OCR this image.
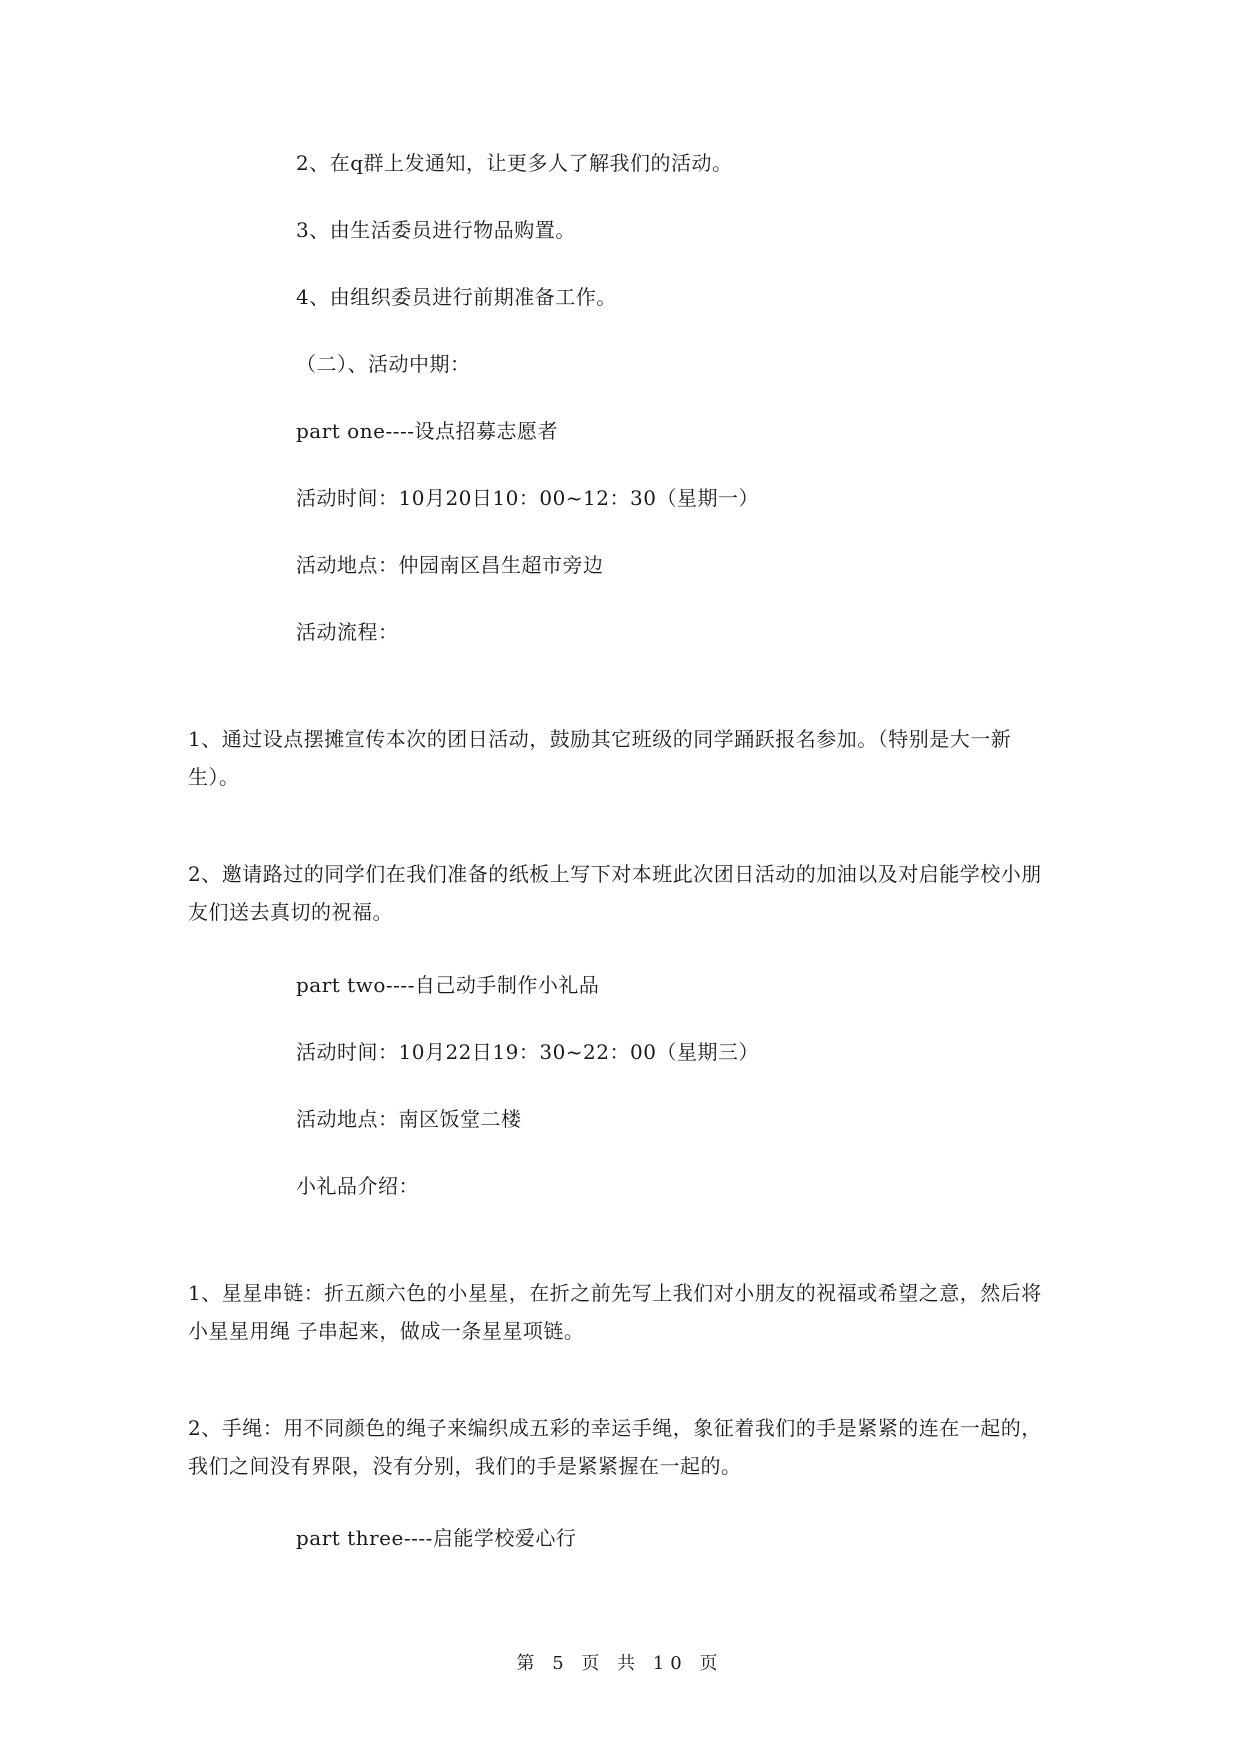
2、在q群上发通知，让更多人了解我们的活动。
3、由生活委员进行物品购置。
4、由组织委员进行前期准备工作。
（二）、活动中期：
part one----设点招募志愿者
活动时间：10月20日10：00~12：30（星期一）
活动地点：仲园南区昌生超市旁边
活动流程：
1、通过设点摆摊宣传本次的团日活动，鼓励其它班级的同学踊跃报名参加。（特别是大一新生）。
2、邀请路过的同学们在我们准备的纸板上写下对本班此次团日活动的加油以及对启能学校小朋友们送去真切的祝福。
part two----自己动手制作小礼品
活动时间：10月22日19：30~22：00（星期三）
活动地点：南区饭堂二楼
小礼品介绍：
1、星星串链：折五颜六色的小星星，在折之前先写上我们对小朋友的祝福或希望之意，然后将小星星用绳 子串起来，做成一条星星项链。
2、手绳：用不同颜色的绳子来编织成五彩的幸运手绳，象征着我们的手是紧紧的连在一起的，我们之间没有界限，没有分别，我们的手是紧紧握在一起的。
part three----启能学校爱心行
第 5 页 共 10 页
